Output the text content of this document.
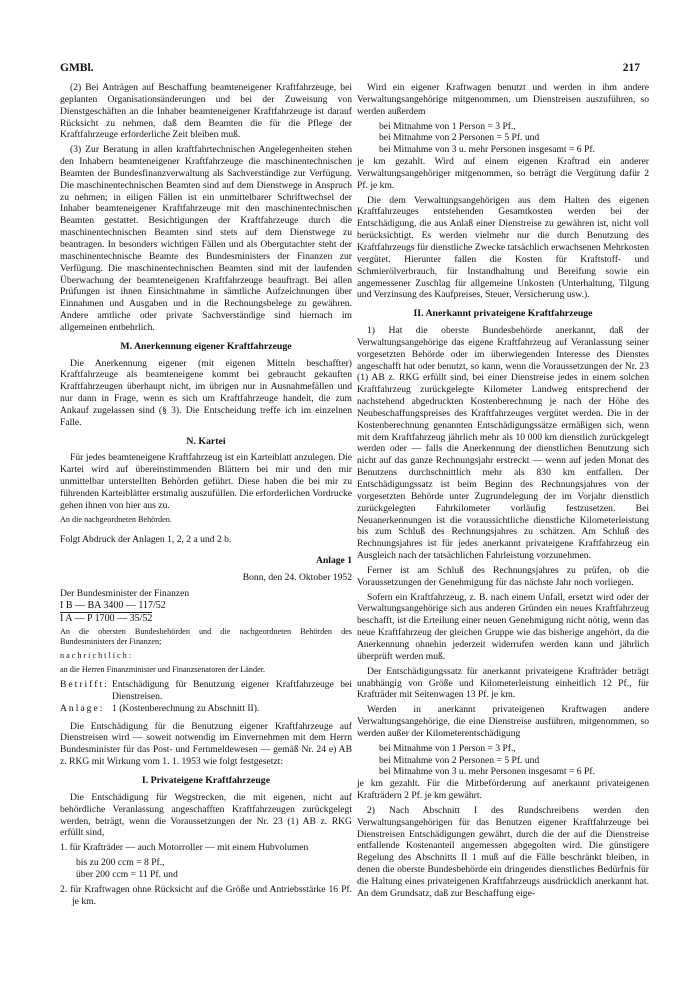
GMBl.	217

(2) Bei Anträgen auf Beschaffung beamteneigener Kraftfahrzeuge, bei geplanten Organisationsänderungen und bei der Zuweisung von Dienstgeschäften an die Inhaber beamteneigener Kraftfahrzeuge ist darauf Rücksicht zu nehmen, daß dem Beamten die für die Pflege der Kraftfahrzeuge erforderliche Zeit bleiben muß.

(3) Zur Beratung in allen kraftfahrtechnischen Angelegenheiten stehen den Inhabern beamteneigener Kraftfahrzeuge die maschinentechnischen Beamten der Bundesfinanzverwaltung als Sachverständige zur Verfügung. Die maschinentechnischen Beamten sind auf dem Dienstwege in Anspruch zu nehmen; in eiligen Fällen ist ein unmittelbarer Schriftwechsel der Inhaber beamteneigener Kraftfahrzeuge mit den maschinentechnischen Beamten gestattet. Besichtigungen der Kraftfahrzeuge durch die maschinentechnischen Beamten sind stets auf dem Dienstwege zu beantragen. In besonders wichtigen Fällen und als Obergutachter steht der maschinentechnische Beamte des Bundesministers der Finanzen zur Verfügung. Die maschinentechnischen Beamten sind mit der laufenden Überwachung der beamteneigenen Kraftfahrzeuge beauftragt. Bei allen Prüfungen ist ihnen Einsichtnahme in sämtliche Aufzeichnungen über Einnahmen und Ausgaben und in die Rechnungsbelege zu gewähren. Andere amtliche oder private Sachverständige sind hiernach im allgemeinen entbehrlich.

M. Anerkennung eigener Kraftfahrzeuge

Die Anerkennung eigener (mit eigenen Mitteln beschaffter) Kraftfahrzeuge als beamteneigene kommt bei gebraucht gekauften Kraftfahrzeugen überhaupt nicht, im übrigen nur in Ausnahmefällen und nur dann in Frage, wenn es sich um Kraftfahrzeuge handelt, die zum Ankauf zugelassen sind (§ 3). Die Entscheidung treffe ich im einzelnen Falle.

N. Kartei

Für jedes beamteneigene Kraftfahrzeug ist ein Karteiblatt anzulegen. Die Kartei wird auf übereinstimmenden Blättern bei mir und den mir unmittelbar unterstellten Behörden geführt. Diese haben die bei mir zu führenden Karteiblätter erstmalig auszufüllen. Die erforderlichen Vordrucke gehen ihnen von hier aus zu.

An die nachgeordneten Behörden.

Folgt Abdruck der Anlagen 1, 2, 2 a und 2 b.

Anlage 1
Bonn, den 24. Oktober 1952
Der Bundesminister der Finanzen
I B — BA 3400 — 117/52
I A — P 1700 — 35/52
An die obersten Bundesbehörden und die nachgeordneten Behörden des Bundesministers der Finanzen;
nachrichtlich:
an die Herren Finanzminister und Finanzsenatoren der Länder.
Betrifft: Entschädigung für Benutzung eigener Kraftfahrzeuge bei Dienstreisen.
Anlage: 1 (Kostenberechnung zu Abschnitt II).

Die Entschädigung für die Benutzung eigener Kraftfahrzeuge auf Dienstreisen wird — soweit notwendig im Einvernehmen mit dem Herrn Bundesminister für das Post- und Fernmeldewesen — gemäß Nr. 24 e) AB z. RKG mit Wirkung vom 1. 1. 1953 wie folgt festgesetzt:

I. Privateigene Kraftfahrzeuge

Die Entschädigung für Wegstrecken, die mit eigenen, nicht auf behördliche Veranlassung angeschafften Kraftfahrzeugen zurückgelegt werden, beträgt, wenn die Voraussetzungen der Nr. 23 (1) AB z. RKG erfüllt sind,

1. für Krafträder — auch Motorroller — mit einem Hubvolumen

bis zu 200 ccm = 8 Pf.,
über 200 ccm = 11 Pf. und

2. für Kraftwagen ohne Rücksicht auf die Größe und Antriebsstärke 16 Pf. je km.

Wird ein eigener Kraftwagen benutzt und werden in ihm andere Verwaltungsangehörige mitgenommen, um Dienstreisen auszuführen, so werden außerdem

bei Mitnahme von 1 Person = 3 Pf.,
bei Mitnahme von 2 Personen = 5 Pf. und
bei Mitnahme von 3 u. mehr Personen insgesamt = 6 Pf.

je km gezahlt. Wird auf einem eigenen Kraftrad ein anderer Verwaltungsangehöriger mitgenommen, so beträgt die Vergütung dafür 2 Pf. je km.

Die dem Verwaltungsangehörigen aus dem Halten des eigenen Kraftfahrzeuges entstehenden Gesamtkosten werden bei der Entschädigung, die aus Anlaß einer Dienstreise zu gewähren ist, nicht voll berücksichtigt. Es werden vielmehr nur die durch Benutzung des Kraftfahrzeugs für dienstliche Zwecke tatsächlich erwachsenen Mehrkosten vergütet. Hierunter fallen die Kosten für Kraftstoff- und Schmierölverbrauch, für Instandhaltung und Bereifung sowie ein angemessener Zuschlag für allgemeine Unkosten (Unterhaltung, Tilgung und Verzinsung des Kaufpreises, Steuer, Versicherung usw.).

II. Anerkannt privateigene Kraftfahrzeuge

1) Hat die oberste Bundesbehörde anerkannt, daß der Verwaltungsangehörige das eigene Kraftfahrzeug auf Veranlassung seiner vorgesetzten Behörde oder im überwiegenden Interesse des Dienstes angeschafft hat oder benutzt, so kann, wenn die Voraussetzungen der Nr. 23 (1) AB z. RKG erfüllt sind, bei einer Dienstreise jedes in einem solchen Kraftfahrzeug zurückgelegte Kilometer Landweg entsprechend der nachstehend abgedruckten Kostenberechnung je nach der Höhe des Neubeschaffungspreises des Kraftfahrzeuges vergütet werden. Die in der Kostenberechnung genannten Entschädigungssätze ermäßigen sich, wenn mit dem Kraftfahrzeug jährlich mehr als 10 000 km dienstlich zurückgelegt werden oder — falls die Anerkennung der dienstlichen Benutzung sich nicht auf das ganze Rechnungsjahr erstreckt — wenn auf jeden Monat des Benutzens durchschnittlich mehr als 830 km entfallen. Der Entschädigungssatz ist beim Beginn des Rechnungsjahres von der vorgesetzten Behörde unter Zugrundelegung der im Vorjahr dienstlich zurückgelegten Fahrkilometer vorläufig festzusetzen. Bei Neuanerkennungen ist die voraussichtliche dienstliche Kilometerleistung bis zum Schluß des Rechnungsjahres zu schätzen. Am Schluß des Rechnungsjahres ist für jedes anerkannt privateigene Kraftfahrzeug ein Ausgleich nach der tatsächlichen Fahrleistung vorzunehmen.

Ferner ist am Schluß des Rechnungsjahres zu prüfen, ob die Voraussetzungen der Genehmigung für das nächste Jahr noch vorliegen.

Sofern ein Kraftfahrzeug, z. B. nach einem Unfall, ersetzt wird oder der Verwaltungsangehörige sich aus anderen Gründen ein neues Kraftfahrzeug beschafft, ist die Erteilung einer neuen Genehmigung nicht nötig, wenn das neue Kraftfahrzeug der gleichen Gruppe wie das bisherige angehört, da die Anerkennung ohnehin jederzeit widerrufen werden kann und jährlich überprüft werden muß.

Der Entschädigungssatz für anerkannt privateigene Krafträder beträgt unabhängig von Größe und Kilometerleistung einheitlich 12 Pf., für Krafträder mit Seitenwagen 13 Pf. je km.

Werden in anerkannt privateigenen Kraftwagen andere Verwaltungsangehörige, die eine Dienstreise ausführen, mitgenommen, so werden außer der Kilometerentschädigung

bei Mitnahme von 1 Person = 3 Pf.,
bei Mitnahme von 2 Personen = 5 Pf. und
bei Mitnahme von 3 u. mehr Personen insgesamt = 6 Pf.

je km gezahlt. Für die Mitbeförderung auf anerkannt privateigenen Krafträdern 2 Pf. je km gewährt.

2) Nach Abschnitt I des Rundschreibens werden den Verwaltungsangehörigen für das Benutzen eigener Kraftfahrzeuge bei Dienstreisen Entschädigungen gewährt, durch die der auf die Dienstreise entfallende Kostenanteil angemessen abgegolten wird. Die günstigere Regelung des Abschnitts II 1 muß auf die Fälle beschränkt bleiben, in denen die oberste Bundesbehörde ein dringendes dienstliches Bedürfnis für die Haltung eines privateigenen Kraftfahrzeugs ausdrücklich anerkannt hat. An dem Grundsatz, daß zur Beschaffung eige-
